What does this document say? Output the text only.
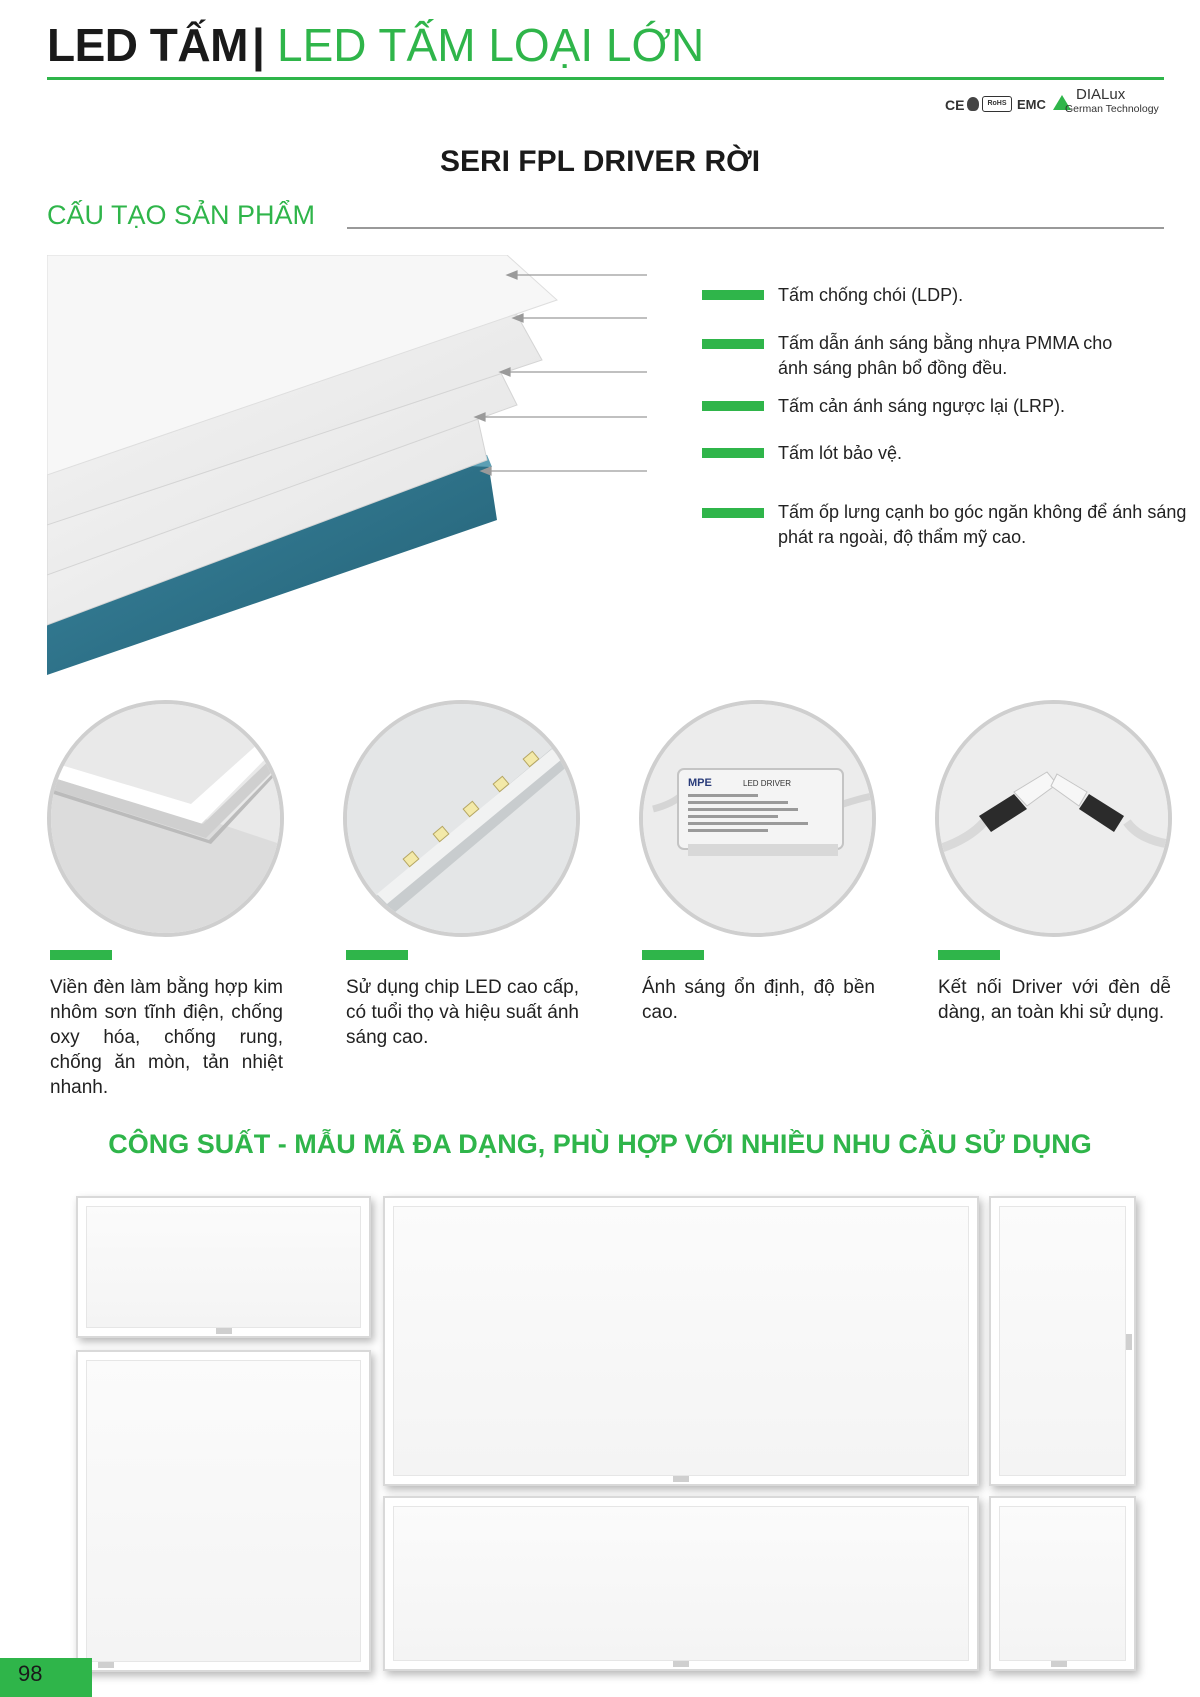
LED TẤM | LED TẤM LOẠI LỚN
CE	RoHS EMC
DIALux
German Technology
SERI FPL DRIVER RỜI
CẤU TẠO SẢN PHẨM
Tấm chống chói (LDP).
Tấm dẫn ánh sáng bằng nhựa PMMA cho ánh sáng phân bổ đồng đều.
Tấm cản ánh sáng ngược lại (LRP).
Tấm lót bảo vệ.
Tấm ốp lưng cạnh bo góc ngăn không để ánh sáng phát ra ngoài, độ thẩm mỹ cao.
MPE	LED DRIVER
Viền đèn làm bằng hợp kim nhôm sơn tĩnh điện, chống oxy hóa, chống rung, chống ăn mòn, tản nhiệt nhanh.
Sử dụng chip LED cao cấp, có tuổi thọ và hiệu suất ánh sáng cao.
Ánh sáng ổn định, độ bền cao.
Kết nối Driver với đèn dễ dàng, an toàn khi sử dụng.
CÔNG SUẤT - MẪU MÃ ĐA DẠNG, PHÙ HỢP VỚI NHIỀU NHU CẦU SỬ DỤNG
98
